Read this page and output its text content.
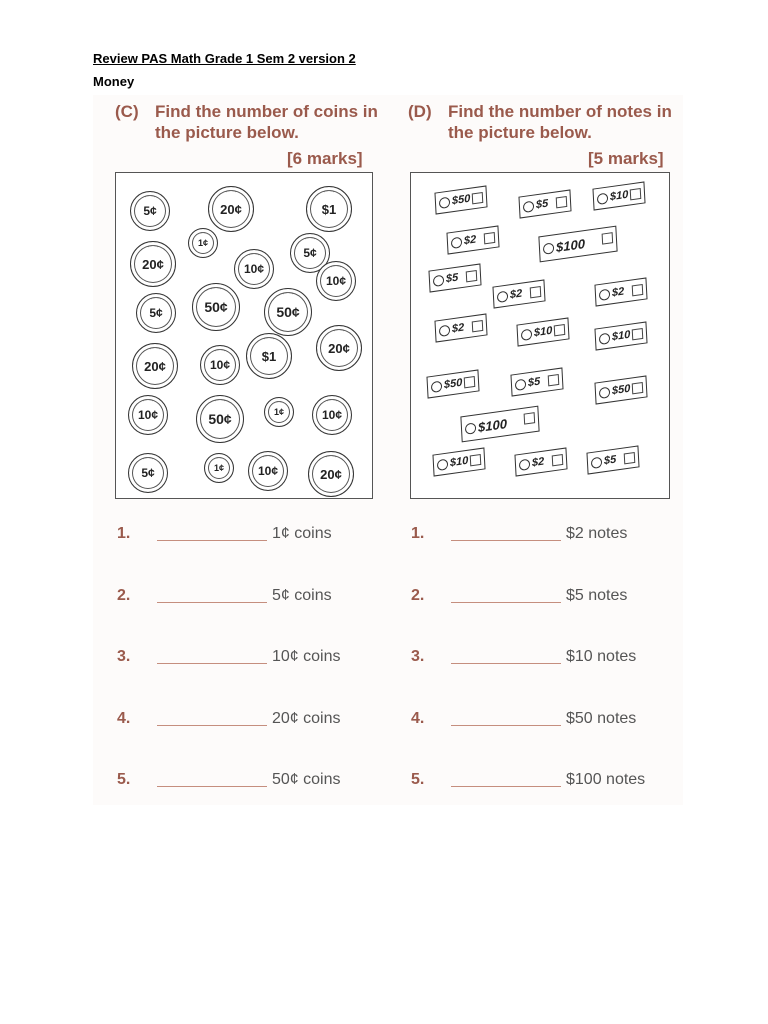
Review PAS Math Grade 1 Sem 2 version 2
Money
(C) Find the number of coins in the picture below.
[6 marks]
(D) Find the number of notes in the picture below.
[5 marks]
5¢	20¢	$1
1¢
5¢
20¢	10¢
10¢
5¢	50¢	50¢
$1
20¢
20¢	10¢
10¢	50¢	1¢	10¢
5¢	1¢	10¢	20¢
$50	$5
$10
$2	$100
$5
$2	$2
$2	$10	$10
$50	$5
$50
$100
$10	$2	$5
1.	1¢ coins
2.	5¢ coins
3.	10¢ coins
4.	20¢ coins
5.	50¢ coins
1.	$2 notes
2.	$5 notes
3.	$10 notes
4.	$50 notes
5.	$100 notes
